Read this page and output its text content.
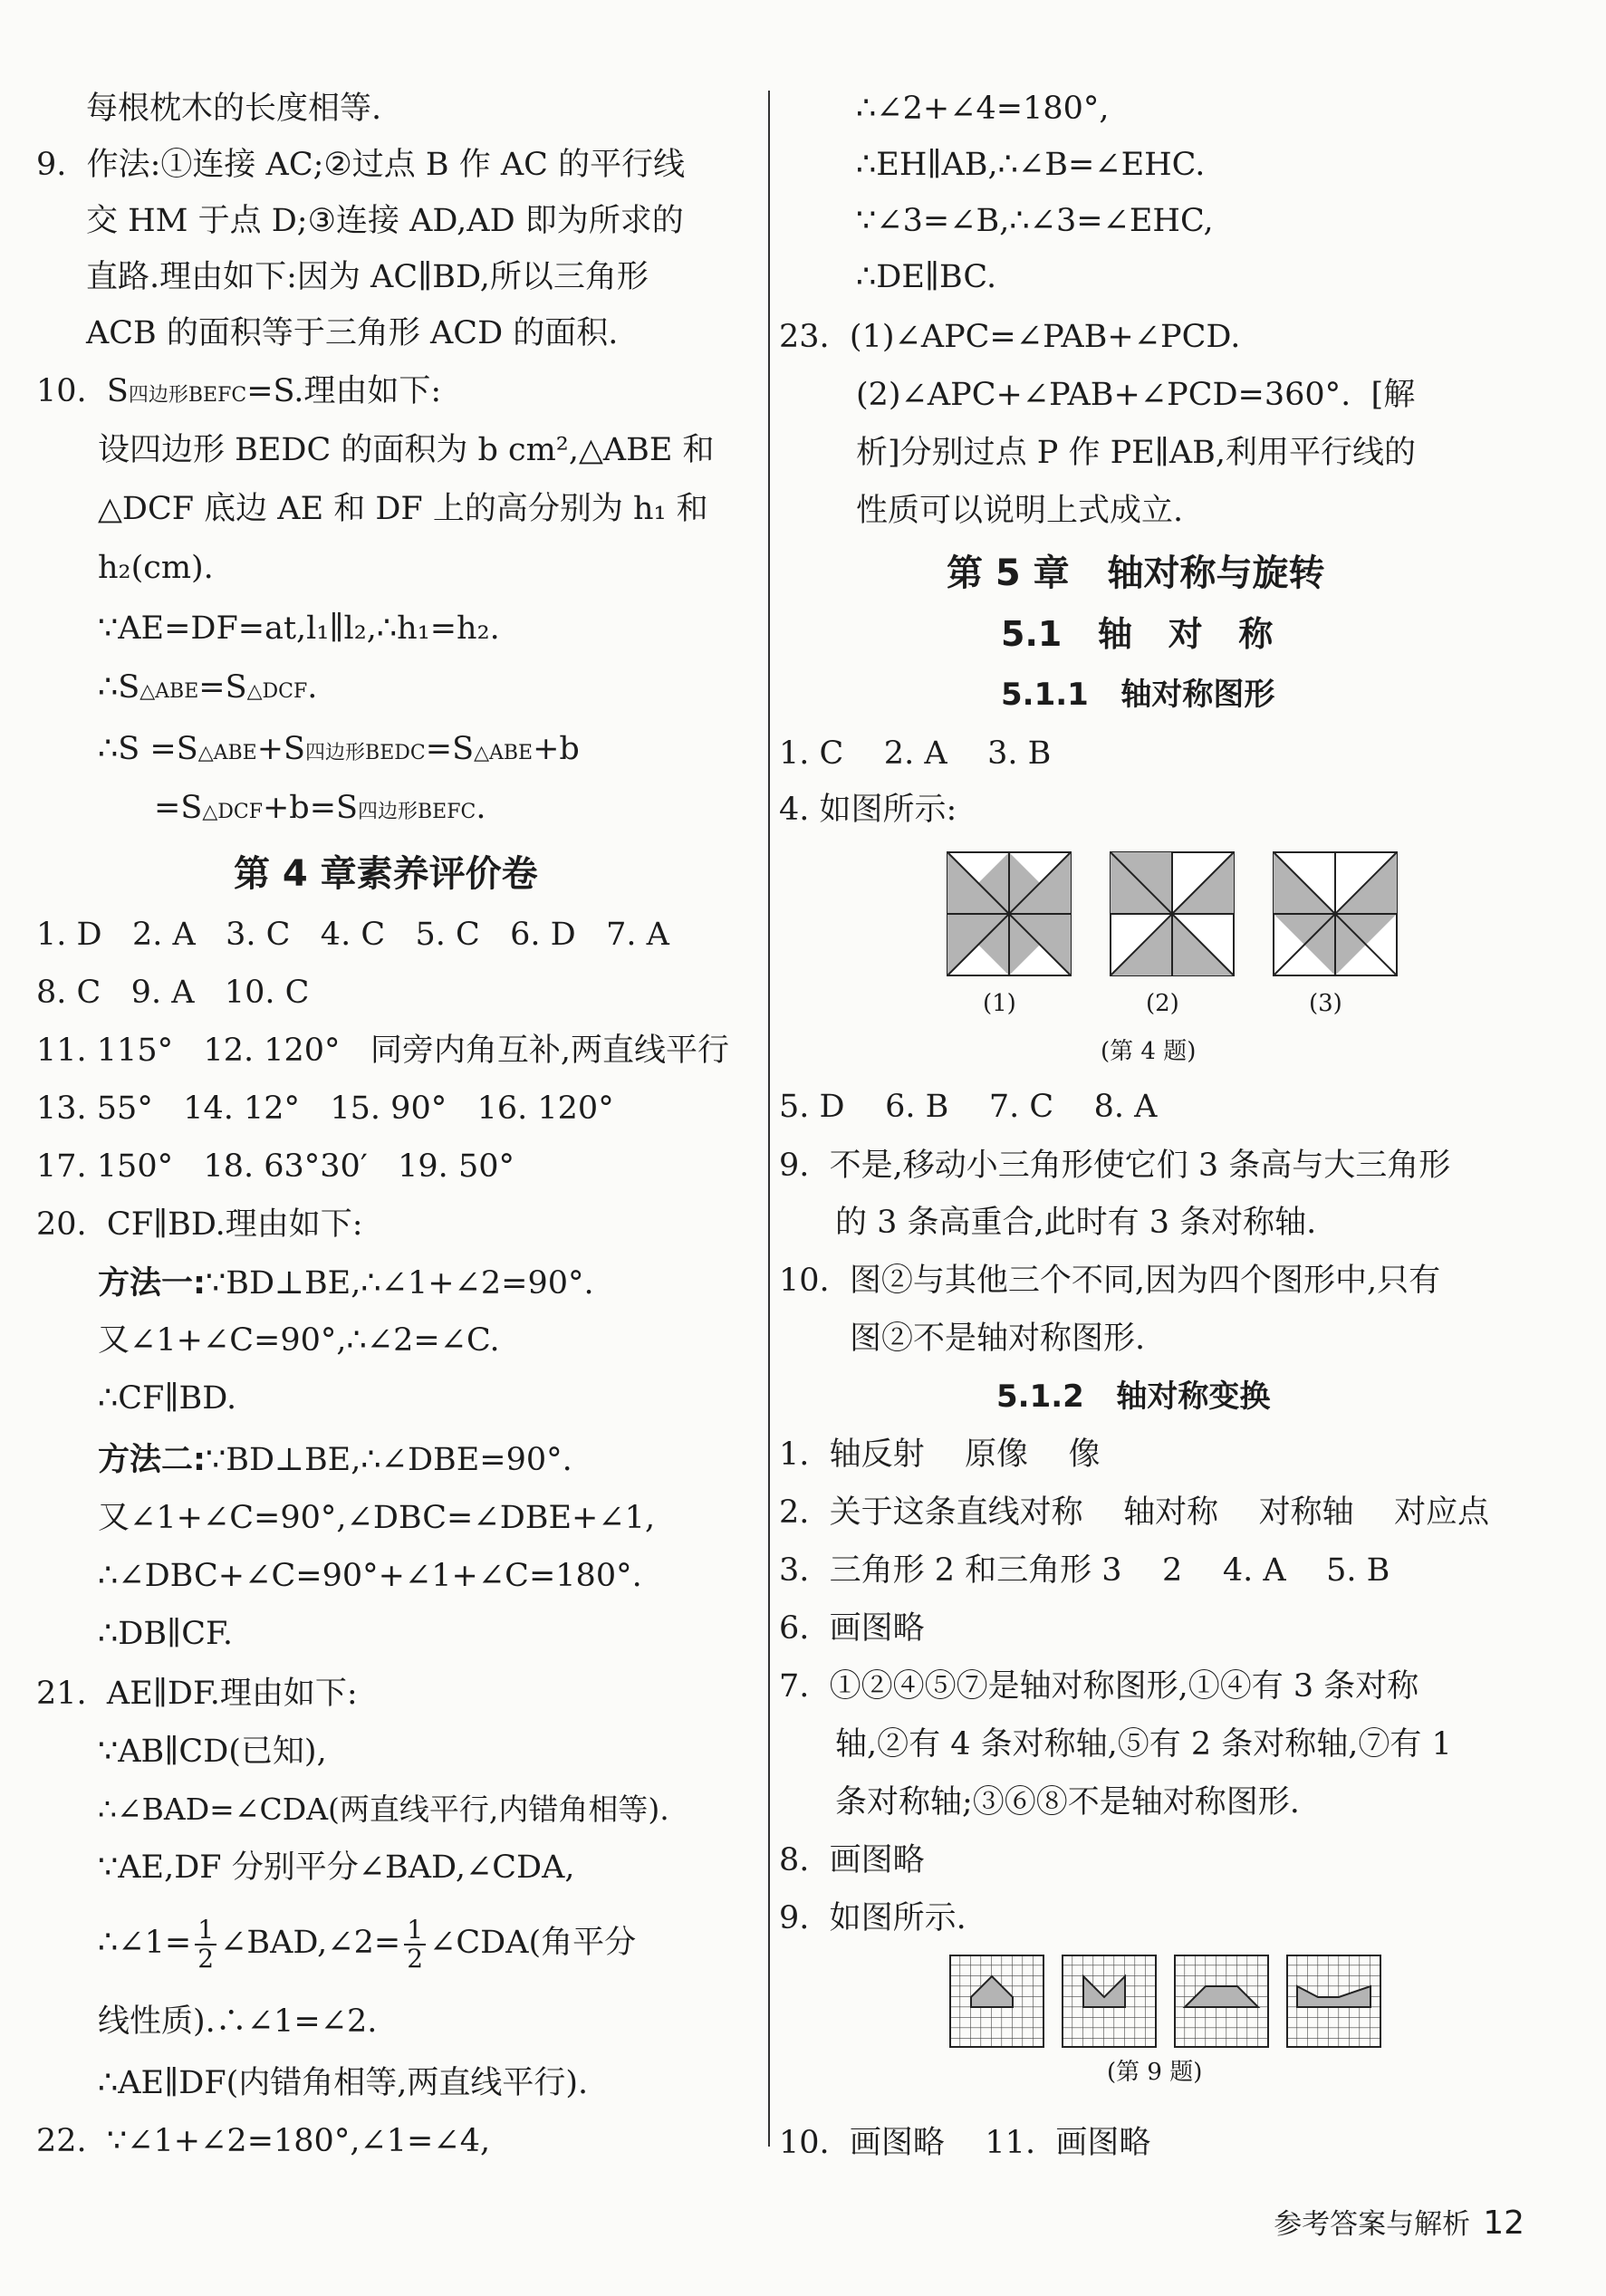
每根枕木的长度相等.
9.  作法:①连接 AC;②过点 B 作 AC 的平行线
交 HM 于点 D;③连接 AD,AD 即为所求的
直路.理由如下:因为 AC∥BD,所以三角形
ACB 的面积等于三角形 ACD 的面积.
10.  S四边形BEFC=S.理由如下:
设四边形 BEDC 的面积为 b cm²,△ABE 和
△DCF 底边 AE 和 DF 上的高分别为 h₁ 和
h₂(cm).
∵AE=DF=at,l₁∥l₂,∴h₁=h₂.
∴S△ABE=S△DCF.
∴S =S△ABE+S四边形BEDC=S△ABE+b
=S△DCF+b=S四边形BEFC.
第 4 章素养评价卷
1. D   2. A   3. C   4. C   5. C   6. D   7. A
8. C   9. A   10. C
11. 115°   12. 120°   同旁内角互补,两直线平行
13. 55°   14. 12°   15. 90°   16. 120°
17. 150°   18. 63°30′   19. 50°
20.  CF∥BD.理由如下:
方法一:∵BD⊥BE,∴∠1+∠2=90°.
又∠1+∠C=90°,∴∠2=∠C.
∴CF∥BD.
方法二:∵BD⊥BE,∴∠DBE=90°.
又∠1+∠C=90°,∠DBC=∠DBE+∠1,
∴∠DBC+∠C=90°+∠1+∠C=180°.
∴DB∥CF.
21.  AE∥DF.理由如下:
∵AB∥CD(已知),
∴∠BAD=∠CDA(两直线平行,内错角相等).
∵AE,DF 分别平分∠BAD,∠CDA,
∴∠1= $\frac{1}{2}$ ∠BAD,∠2= $\frac{1}{2}$ ∠CDA(角平分
线性质).∴∠1=∠2.
∴AE∥DF(内错角相等,两直线平行).
22.  ∵∠1+∠2=180°,∠1=∠4,
∴∠2+∠4=180°,
∴EH∥AB,∴∠B=∠EHC.
∵∠3=∠B,∴∠3=∠EHC,
∴DE∥BC.
23.  (1)∠APC=∠PAB+∠PCD.
(2)∠APC+∠PAB+∠PCD=360°.  [解
析]分别过点 P 作 PE∥AB,利用平行线的
性质可以说明上式成立.
第 5 章   轴对称与旋转
5.1   轴   对   称
5.1.1   轴对称图形
1. C    2. A    3. B
4. 如图所示:
(1)	(2)	(3)
(第 4 题)
5. D    6. B    7. C    8. A
9.  不是,移动小三角形使它们 3 条高与大三角形
的 3 条高重合,此时有 3 条对称轴.
10.  图②与其他三个不同,因为四个图形中,只有
图②不是轴对称图形.
5.1.2   轴对称变换
1.  轴反射    原像    像
2.  关于这条直线对称    轴对称    对称轴    对应点
3.  三角形 2 和三角形 3    2    4. A    5. B
6.  画图略
7.  ①②④⑤⑦是轴对称图形,①④有 3 条对称
轴,②有 4 条对称轴,⑤有 2 条对称轴,⑦有 1
条对称轴;③⑥⑧不是轴对称图形.
8.  画图略
9.  如图所示.
(第 9 题)
10.  画图略    11.  画图略
参考答案与解析 12
